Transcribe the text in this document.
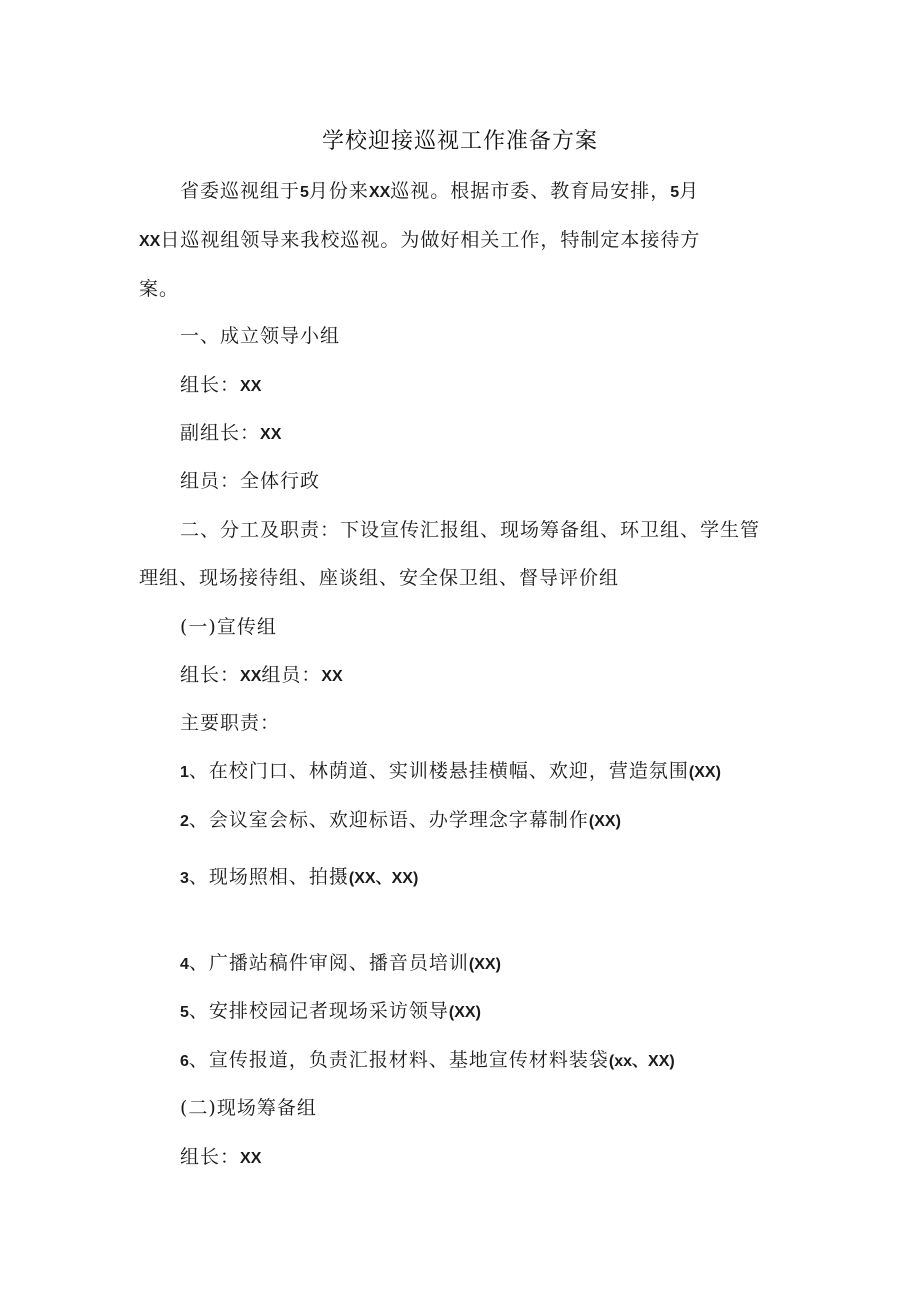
学校迎接巡视工作准备方案
省委巡视组于5月份来XX巡视。根据市委、教育局安排，5月
XX日巡视组领导来我校巡视。为做好相关工作，特制定本接待方
案。
一、成立领导小组
组长：XX
副组长：XX
组员：全体行政
二、分工及职责：下设宣传汇报组、现场筹备组、环卫组、学生管
理组、现场接待组、座谈组、安全保卫组、督导评价组
(一)宣传组
组长：XX组员：XX
主要职责：
1、在校门口、林荫道、实训楼悬挂横幅、欢迎，营造氛围(XX)
2、会议室会标、欢迎标语、办学理念字幕制作(XX)
3、现场照相、拍摄(XX、XX)
4、广播站稿件审阅、播音员培训(XX)
5、安排校园记者现场采访领导(XX)
6、宣传报道，负责汇报材料、基地宣传材料装袋(xx、XX)
(二)现场筹备组
组长：XX
